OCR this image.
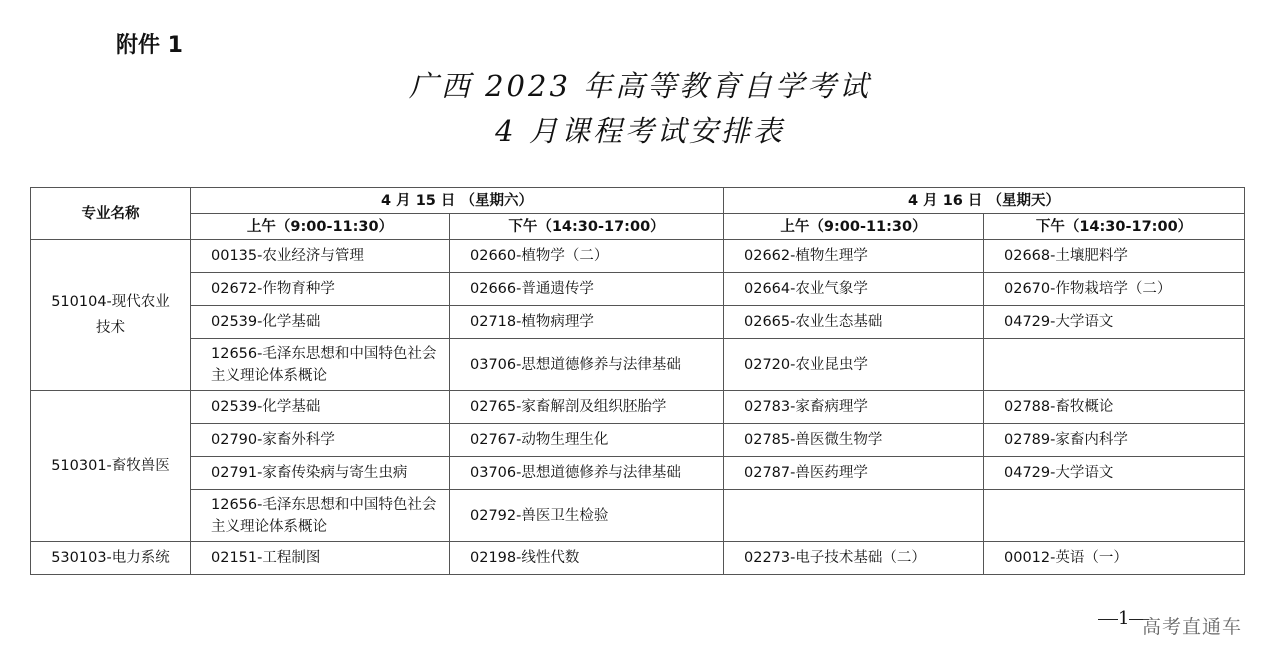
附件 1
广西 2023 年高等教育自学考试
4 月课程考试安排表
专业名称	4 月 15 日 （星期六）		4 月 16 日 （星期天）	
	上午（9:00-11:30）	下午（14:30-17:00）	上午（9:00-11:30）	下午（14:30-17:00）
510104-现代农业技术	00135-农业经济与管理	02660-植物学（二）	02662-植物生理学	02668-土壤肥料学
	02672-作物育种学	02666-普通遗传学	02664-农业气象学	02670-作物栽培学（二）
	02539-化学基础	02718-植物病理学	02665-农业生态基础	04729-大学语文
	12656-毛泽东思想和中国特色社会主义理论体系概论	03706-思想道德修养与法律基础	02720-农业昆虫学	
510301-畜牧兽医	02539-化学基础	02765-家畜解剖及组织胚胎学	02783-家畜病理学	02788-畜牧概论
	02790-家畜外科学	02767-动物生理生化	02785-兽医微生物学	02789-家畜内科学
	02791-家畜传染病与寄生虫病	03706-思想道德修养与法律基础	02787-兽医药理学	04729-大学语文
	12656-毛泽东思想和中国特色社会主义理论体系概论	02792-兽医卫生检验		
530103-电力系统	02151-工程制图	02198-线性代数	02273-电子技术基础（二）	00012-英语（一）
1 高考直通车
